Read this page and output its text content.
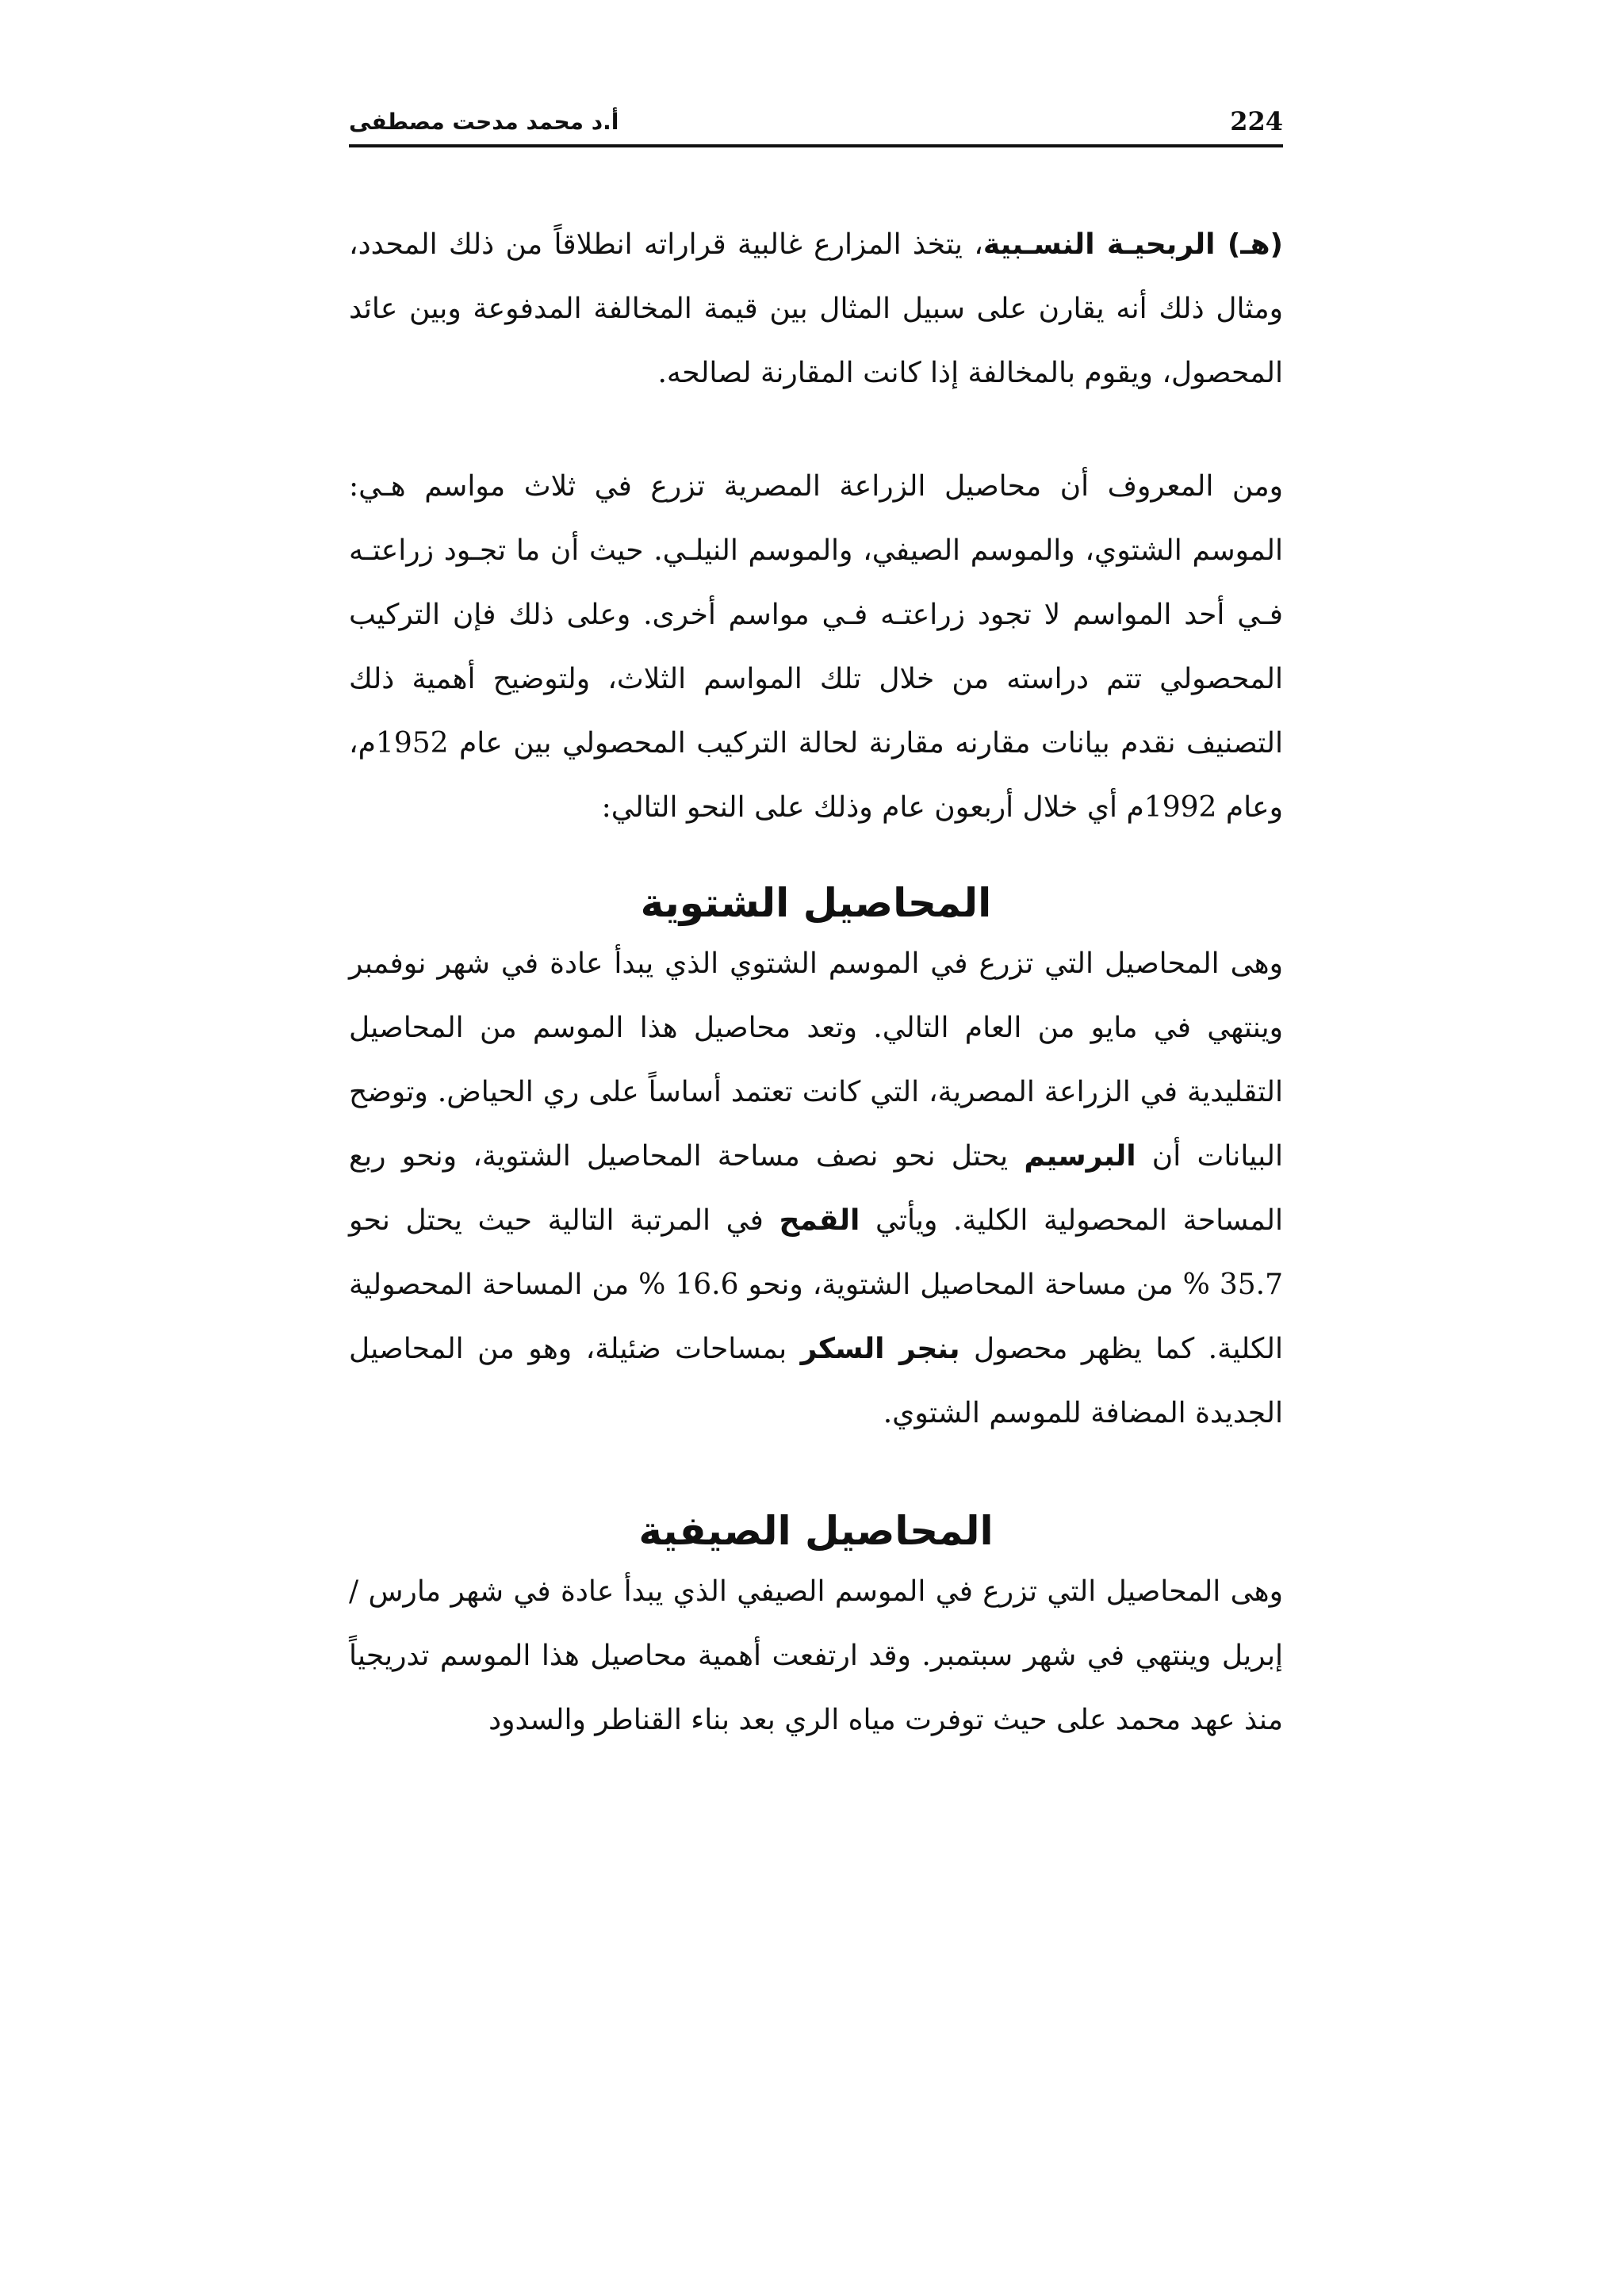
224
أ.د محمد مدحت مصطفى

(هـ) الربحيـة النسـبية، يتخذ المزارع غالبية قراراته انطلاقاً من ذلك المحدد، ومثال ذلك أنه يقارن على سبيل المثال بين قيمة المخالفة المدفوعة وبين عائد المحصول، ويقوم بالمخالفة إذا كانت المقارنة لصالحه.

ومن المعروف أن محاصيل الزراعة المصرية تزرع في ثلاث مواسم هـي: الموسم الشتوي، والموسم الصيفي، والموسم النيلـي. حيث أن ما تجـود زراعتـه فـي أحد المواسم لا تجود زراعتـه فـي مواسم أخرى. وعلى ذلك فإن التركيب المحصولي تتم دراسته من خلال تلك المواسم الثلاث، ولتوضيح أهمية ذلك التصنيف نقدم بيانات مقارنه مقارنة لحالة التركيب المحصولي بين عام 1952م، وعام 1992م أي خلال أربعون عام وذلك على النحو التالي:

المحاصيل الشتوية

وهى المحاصيل التي تزرع في الموسم الشتوي الذي يبدأ عادة في شهر نوفمبر وينتهي في مايو من العام التالي. وتعد محاصيل هذا الموسم من المحاصيل التقليدية في الزراعة المصرية، التي كانت تعتمد أساساً على ري الحياض. وتوضح البيانات أن البرسيم يحتل نحو نصف مساحة المحاصيل الشتوية، ونحو ربع المساحة المحصولية الكلية. ويأتي القمح في المرتبة التالية حيث يحتل نحو 35.7 % من مساحة المحاصيل الشتوية، ونحو 16.6 % من المساحة المحصولية الكلية. كما يظهر محصول بنجر السكر بمساحات ضئيلة، وهو من المحاصيل الجديدة المضافة للموسم الشتوي.

المحاصيل الصيفية

وهى المحاصيل التي تزرع في الموسم الصيفي الذي يبدأ عادة في شهر مارس / إبريل وينتهي في شهر سبتمبر. وقد ارتفعت أهمية محاصيل هذا الموسم تدريجياً منذ عهد محمد على حيث توفرت مياه الري بعد بناء القناطر والسدود
